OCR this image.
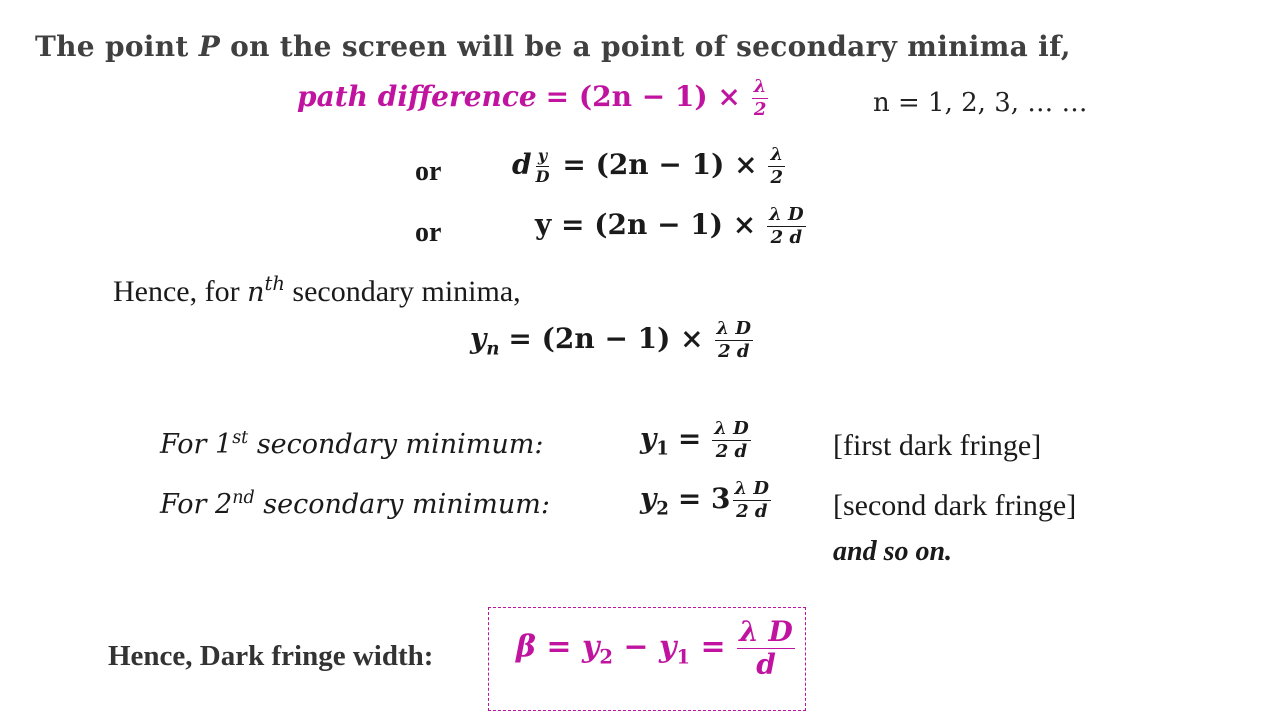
The point P on the screen will be a point of secondary minima if,
path difference = $(2n - 1) \times \frac{\lambda}{2}$	n = 1, 2, 3, … …
or	d $\frac{y}{D} = (2n - 1) \times \frac{\lambda}{2}$
or	$y = (2n - 1) \times \frac{\text{λ D}}{2 d}$
Hence, for $n^{th}$ secondary minima,
$y_n = (2n - 1) \times \frac{\text{λ D}}{2 d}$
For 1st secondary minimum:	$y_1 = \frac{\text{λ D}}{2 d}$	[first dark fringe]
For 2nd secondary minimum:	$y_2 = 3 \frac{\text{λ D}}{2 d}$ [second dark fringe]
and so on.
Hence, Dark fringe width:	$\beta = y_2 - y_1 = \frac{\text{λ D}}{d}$
